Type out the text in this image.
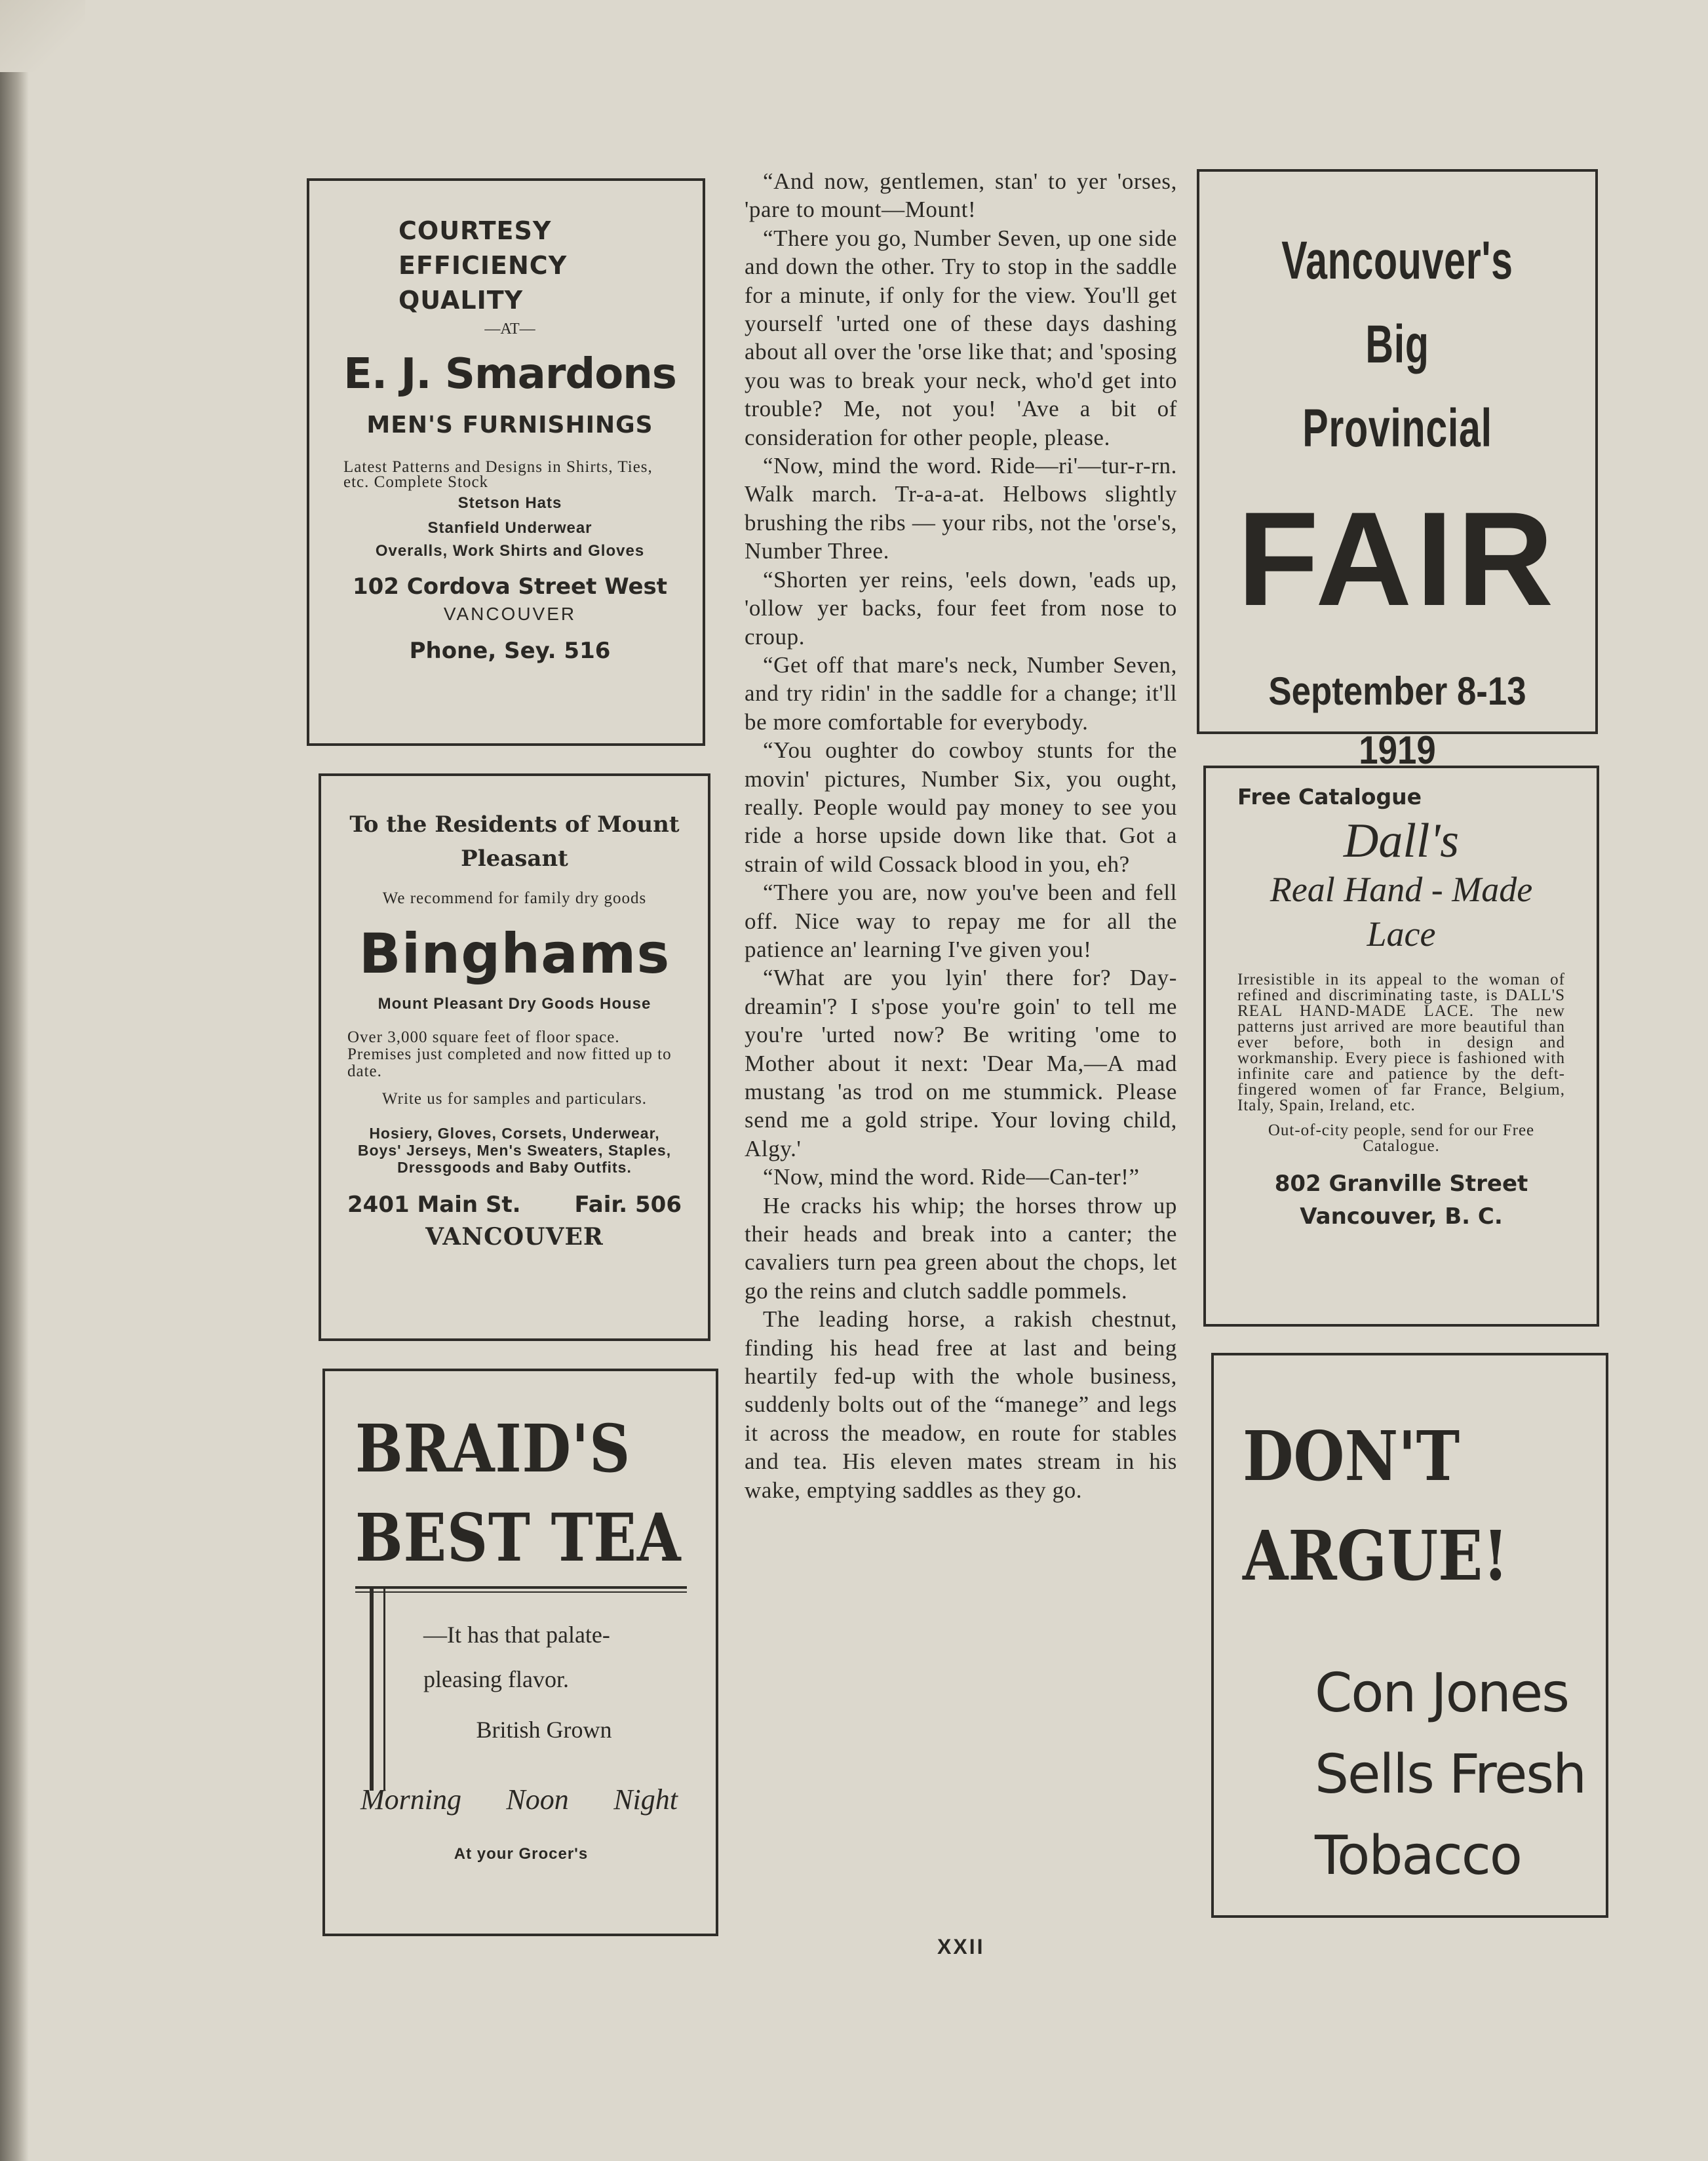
COURTESY
EFFICIENCY
QUALITY
—AT—
E. J. Smardons
MEN'S FURNISHINGS
Latest Patterns and Designs in Shirts, Ties, etc. Complete Stock
Stetson Hats
Stanfield Underwear
Overalls, Work Shirts and Gloves
102 Cordova Street West
VANCOUVER
Phone, Sey. 516
To the Residents of Mount Pleasant
We recommend for family dry goods
Binghams
Mount Pleasant Dry Goods House
Over 3,000 square feet of floor space. Premises just completed and now fitted up to date.
Write us for samples and particulars.
Hosiery, Gloves, Corsets, Underwear, Boys' Jerseys, Men's Sweaters, Staples, Dressgoods and Baby Outfits.
2401 Main St. Fair. 506
VANCOUVER
BRAID'S
BEST TEA
—It has that palate-
pleasing flavor.
British Grown
Morning Noon Night
At your Grocer's

“And now, gentlemen, stan' to yer 'orses, 'pare to mount—Mount!

“There you go, Number Seven, up one side and down the other. Try to stop in the saddle for a minute, if only for the view. You'll get yourself 'urted one of these days dashing about all over the 'orse like that; and 'sposing you was to break your neck, who'd get into trouble? Me, not you! 'Ave a bit of consideration for other people, please.

“Now, mind the word. Ride—ri'—tur-r-rn. Walk march. Tr-a-a-at. Helbows slightly brushing the ribs — your ribs, not the 'orse's, Number Three.

“Shorten yer reins, 'eels down, 'eads up, 'ollow yer backs, four feet from nose to croup.

“Get off that mare's neck, Number Seven, and try ridin' in the saddle for a change; it'll be more comfortable for everybody.

“You oughter do cowboy stunts for the movin' pictures, Number Six, you ought, really. People would pay money to see you ride a horse upside down like that. Got a strain of wild Cossack blood in you, eh?

“There you are, now you've been and fell off. Nice way to repay me for all the patience an' learning I've given you!

“What are you lyin' there for? Day-dreamin'? I s'pose you're goin' to tell me you're 'urted now? Be writing 'ome to Mother about it next: 'Dear Ma,—A mad mustang 'as trod on me stummick. Please send me a gold stripe. Your loving child, Algy.'

“Now, mind the word. Ride—Can-ter!”

He cracks his whip; the horses throw up their heads and break into a canter; the cavaliers turn pea green about the chops, let go the reins and clutch saddle pommels.

The leading horse, a rakish chestnut, finding his head free at last and being heartily fed-up with the whole business, suddenly bolts out of the “manege” and legs it across the meadow, en route for stables and tea. His eleven mates stream in his wake, emptying saddles as they go.

XXII
Vancouver's Big
Provincial
FAIR
September 8-13
1919
Free Catalogue
Dall's
Real Hand - Made
Lace
Irresistible in its appeal to the woman of refined and discriminating taste, is DALL'S REAL HAND-MADE LACE. The new patterns just arrived are more beautiful than ever before, both in design and workmanship. Every piece is fashioned with infinite care and patience by the deft-fingered women of far France, Belgium, Italy, Spain, Ireland, etc.
Out-of-city people, send for our Free Catalogue.
802 Granville Street
Vancouver, B. C.
DON'T
ARGUE!
Con Jones
Sells Fresh
Tobacco
